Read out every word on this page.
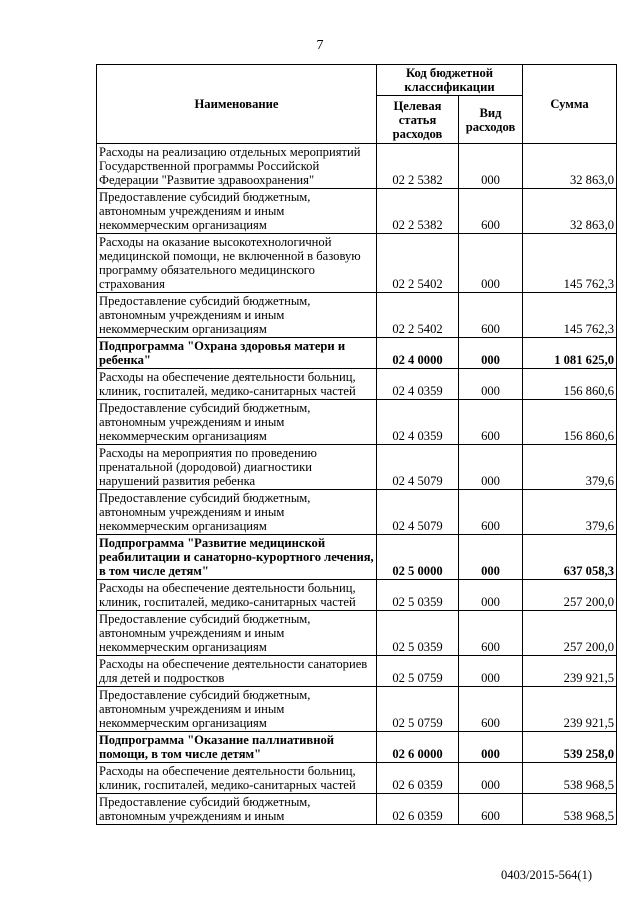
7
Наименование	Код бюджетной классификации		Сумма
	Целевая статья расходов	Вид расходов	
Расходы на реализацию отдельных мероприятий Государственной программы Российской Федерации "Развитие здравоохранения"	02 2 5382	000	32 863,0
Предоставление субсидий бюджетным, автономным учреждениям и иным некоммерческим организациям	02 2 5382	600	32 863,0
Расходы на оказание высокотехнологичной медицинской помощи, не включенной в базовую программу обязательного медицинского страхования	02 2 5402	000	145 762,3
Предоставление субсидий бюджетным, автономным учреждениям и иным некоммерческим организациям	02 2 5402	600	145 762,3
Подпрограмма "Охрана здоровья матери и ребенка"	02 4 0000	000	1 081 625,0
Расходы на обеспечение деятельности больниц, клиник, госпиталей, медико-санитарных частей	02 4 0359	000	156 860,6
Предоставление субсидий бюджетным, автономным учреждениям и иным некоммерческим организациям	02 4 0359	600	156 860,6
Расходы на мероприятия по проведению пренатальной (дородовой) диагностики нарушений развития ребенка	02 4 5079	000	379,6
Предоставление субсидий бюджетным, автономным учреждениям и иным некоммерческим организациям	02 4 5079	600	379,6
Подпрограмма "Развитие медицинской реабилитации и санаторно-курортного лечения, в том числе детям"	02 5 0000	000	637 058,3
Расходы на обеспечение деятельности больниц, клиник, госпиталей, медико-санитарных частей	02 5 0359	000	257 200,0
Предоставление субсидий бюджетным, автономным учреждениям и иным некоммерческим организациям	02 5 0359	600	257 200,0
Расходы на обеспечение деятельности санаториев для детей и подростков	02 5 0759	000	239 921,5
Предоставление субсидий бюджетным, автономным учреждениям и иным некоммерческим организациям	02 5 0759	600	239 921,5
Подпрограмма "Оказание паллиативной помощи, в том числе детям"	02 6 0000	000	539 258,0
Расходы на обеспечение деятельности больниц, клиник, госпиталей, медико-санитарных частей	02 6 0359	000	538 968,5
Предоставление субсидий бюджетным, автономным учреждениям и иным	02 6 0359	600	538 968,5
0403/2015-564(1)
